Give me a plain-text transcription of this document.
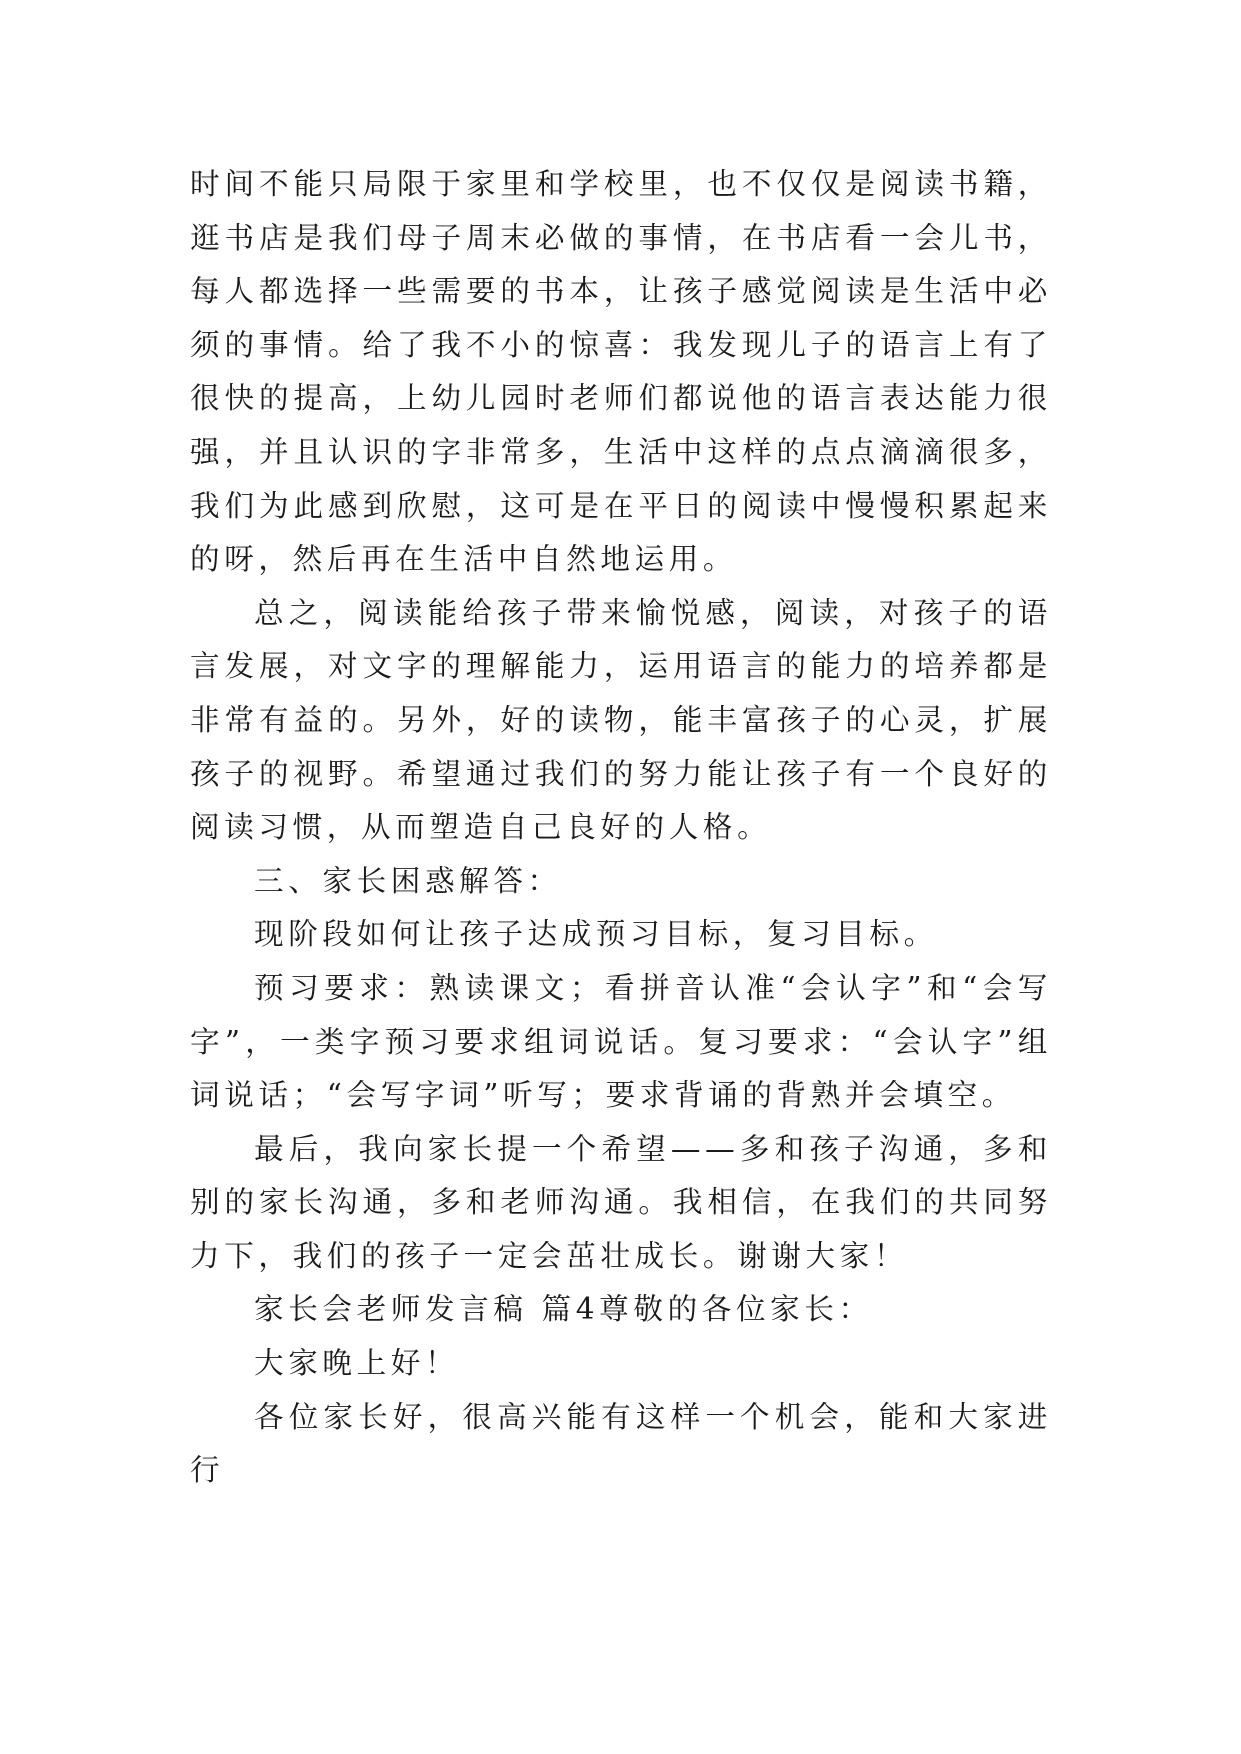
时间不能只局限于家里和学校里，也不仅仅是阅读书籍，逛书店是我们母子周末必做的事情，在书店看一会儿书，每人都选择一些需要的书本，让孩子感觉阅读是生活中必须的事情。给了我不小的惊喜：我发现儿子的语言上有了很快的提高，上幼儿园时老师们都说他的语言表达能力很强，并且认识的字非常多，生活中这样的点点滴滴很多，我们为此感到欣慰，这可是在平日的阅读中慢慢积累起来的呀，然后再在生活中自然地运用。

总之，阅读能给孩子带来愉悦感，阅读，对孩子的语言发展，对文字的理解能力，运用语言的能力的培养都是非常有益的。另外，好的读物，能丰富孩子的心灵，扩展孩子的视野。希望通过我们的努力能让孩子有一个良好的阅读习惯，从而塑造自己良好的人格。

三、家长困惑解答：

现阶段如何让孩子达成预习目标，复习目标。

预习要求：熟读课文；看拼音认准“会认字”和“会写字”，一类字预习要求组词说话。复习要求：“会认字”组词说话；“会写字词”听写；要求背诵的背熟并会填空。

最后，我向家长提一个希望——多和孩子沟通，多和别的家长沟通，多和老师沟通。我相信，在我们的共同努力下，我们的孩子一定会茁壮成长。谢谢大家！

家长会老师发言稿 篇4尊敬的各位家长：

大家晚上好！

各位家长好，很高兴能有这样一个机会，能和大家进行
